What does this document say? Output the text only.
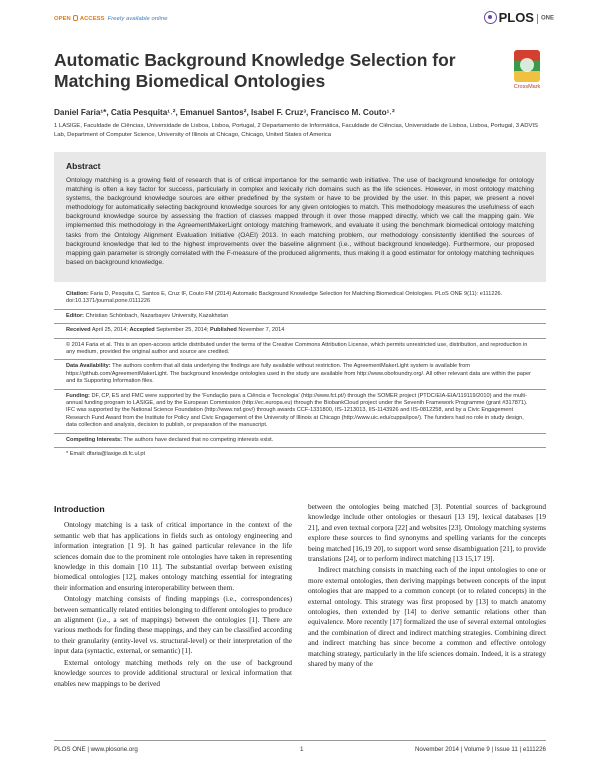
OPEN ACCESS Freely available online	PLOS ONE
Automatic Background Knowledge Selection for Matching Biomedical Ontologies	CrossMark
Daniel Faria¹*, Catia Pesquita¹˒², Emanuel Santos², Isabel F. Cruz³, Francisco M. Couto¹˒²
1 LASIGE, Faculdade de Ciências, Universidade de Lisboa, Lisboa, Portugal, 2 Departamento de Informática, Faculdade de Ciências, Universidade de Lisboa, Lisboa, Portugal, 3 ADVIS Lab, Department of Computer Science, University of Illinois at Chicago, Chicago, United States of America
Abstract

Ontology matching is a growing field of research that is of critical importance for the semantic web initiative. The use of background knowledge for ontology matching is often a key factor for success, particularly in complex and lexically rich domains such as the life sciences. However, in most ontology matching systems, the background knowledge sources are either predefined by the system or have to be provided by the user. In this paper, we present a novel methodology for automatically selecting background knowledge sources for any given ontologies to match. This methodology measures the usefulness of each background knowledge source by assessing the fraction of classes mapped through it over those mapped directly, which we call the mapping gain. We implemented this methodology in the AgreementMakerLight ontology matching framework, and evaluate it using the benchmark biomedical ontology matching tasks from the Ontology Alignment Evaluation Initiative (OAEI) 2013. In each matching problem, our methodology consistently identified the sources of background knowledge that led to the highest improvements over the baseline alignment (i.e., without background knowledge). Furthermore, our proposed mapping gain parameter is strongly correlated with the F-measure of the produced alignments, thus making it a good estimator for ontology matching techniques based on background knowledge.

Citation: Faria D, Pesquita C, Santos E, Cruz IF, Couto FM (2014) Automatic Background Knowledge Selection for Matching Biomedical Ontologies. PLoS ONE 9(11): e111226. doi:10.1371/journal.pone.0111226
Editor: Christian Schönbach, Nazarbayev University, Kazakhstan
Received April 25, 2014; Accepted September 25, 2014; Published November 7, 2014
© 2014 Faria et al. This is an open-access article distributed under the terms of the Creative Commons Attribution License, which permits unrestricted use, distribution, and reproduction in any medium, provided the original author and source are credited.
Data Availability: The authors confirm that all data underlying the findings are fully available without restriction. The AgreementMakerLight system is available from https://github.com/AgreementMakerLight. The background knowledge ontologies used in the study are available from http://www.obofoundry.org/. All other relevant data are within the paper and its Supporting Information files.
Funding: DF, CP, ES and FMC were supported by the 'Fundação para a Ciência e Tecnologia' (http://www.fct.pt/) through the SOMER project (PTDC/EIA-EIA/119119/2010) and the multi-annual funding program to LASIGE, and by the European Commission (http://ec.europa.eu) through the BiobankCloud project under the Seventh Framework Programme (grant #317871). IFC was supported by the National Science Foundation (http://www.nsf.gov/) through awards CCF-1331800, IIS-1213013, IIS-1143926 and IIS-0812258, and by a Civic Engagement Research Fund Award from the Institute for Policy and Civic Engagement of the University of Illinois at Chicago (http://www.uic.edu/cuppa/ipce/). The funders had no role in study design, data collection and analysis, decision to publish, or preparation of the manuscript.
Competing Interests: The authors have declared that no competing interests exist.
* Email: dfaria@lasige.di.fc.ul.pt
Introduction

Ontology matching is a task of critical importance in the context of the semantic web that has applications in fields such as ontology engineering and information integration [1 9]. It has gained particular relevance in the life sciences domain due to the prominent role ontologies have taken in representing knowledge in this domain [10 11]. The substantial overlap between existing biomedical ontologies [12], makes ontology matching essential for integrating their information and ensuring interoperability between them.

Ontology matching consists of finding mappings (i.e., correspondences) between semantically related entities belonging to different ontologies to produce an alignment (i.e., a set of mappings) between the ontologies [1]. There are various methods for finding these mappings, and they can be classified according to their granularity (entity-level vs. structural-level) or their interpretation of the input data (syntactic, external, or semantic) [1].

External ontology matching methods rely on the use of background knowledge sources to provide additional structural or lexical information that enables new mappings to be derived

between the ontologies being matched [3]. Potential sources of background knowledge include other ontologies or thesauri [13 19], lexical databases [19 21], and even textual corpora [22] and websites [23]. Ontology matching systems explore these sources to find synonyms and spelling variants for the concepts being matched [16,19 20], to support word sense disambiguation [21], to provide translations [24], or to perform indirect matching [13 15,17 19].

Indirect matching consists in matching each of the input ontologies to one or more external ontologies, then deriving mappings between concepts of the input ontologies that are mapped to a common concept (or to related concepts) in the external ontology. This strategy was first proposed by [13] to match anatomy ontologies, then extended by [14] to derive semantic relations other than equivalence. More recently [17] formalized the use of several external ontologies and the combination of direct and indirect matching strategies. Combining direct and indirect matching has since become a common and effective ontology matching strategy, particularly in the life sciences domain. Indeed, it is a strategy shared by many of the

PLOS ONE | www.plosone.org	1	November 2014 | Volume 9 | Issue 11 | e111226
